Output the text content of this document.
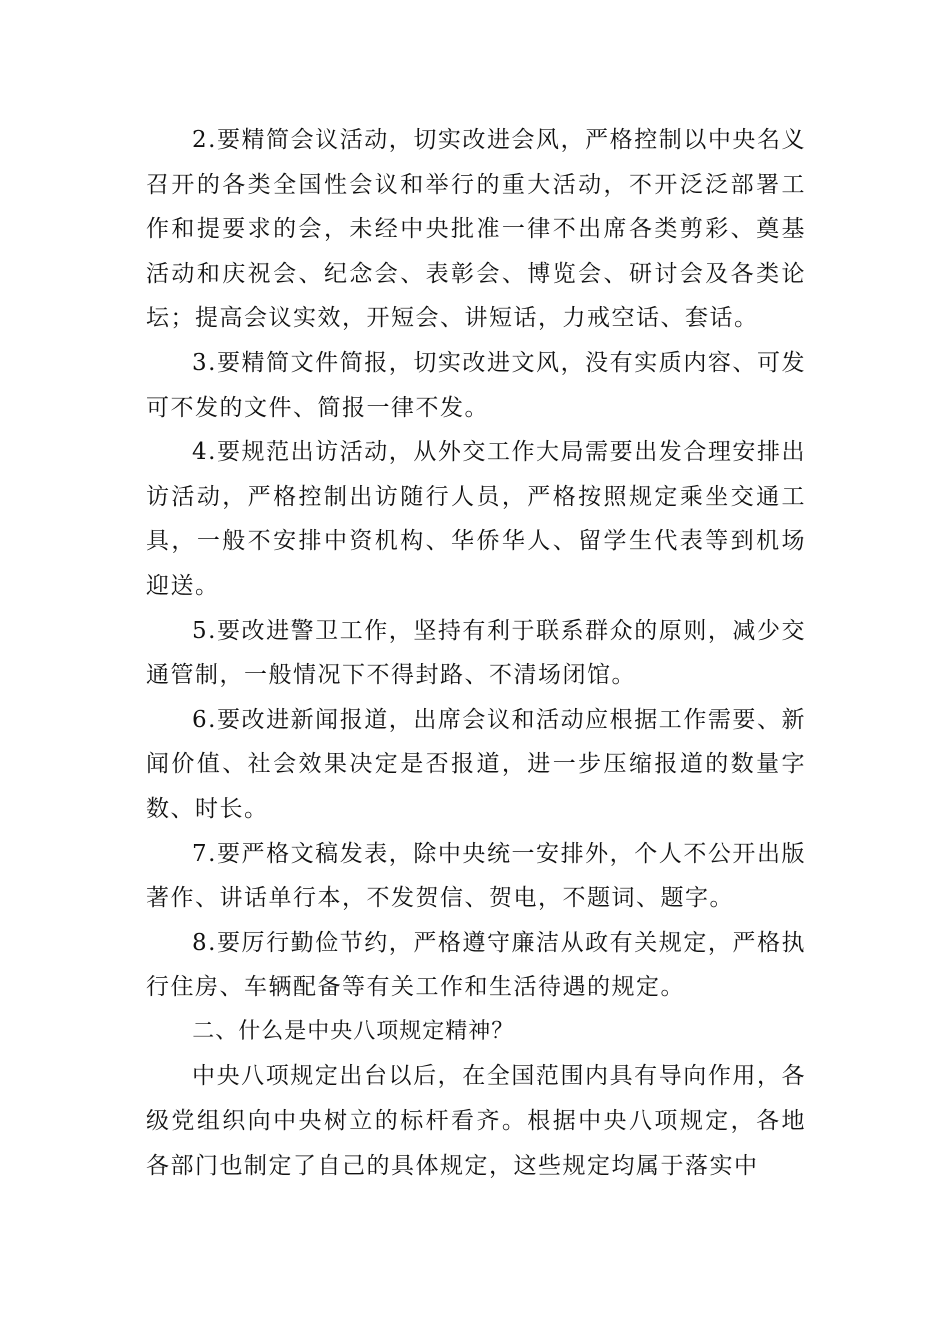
2.要精简会议活动，切实改进会风，严格控制以中央名义召开的各类全国性会议和举行的重大活动，不开泛泛部署工作和提要求的会，未经中央批准一律不出席各类剪彩、奠基活动和庆祝会、纪念会、表彰会、博览会、研讨会及各类论坛；提高会议实效，开短会、讲短话，力戒空话、套话。

3.要精简文件简报，切实改进文风，没有实质内容、可发可不发的文件、简报一律不发。

4.要规范出访活动，从外交工作大局需要出发合理安排出访活动，严格控制出访随行人员，严格按照规定乘坐交通工具，一般不安排中资机构、华侨华人、留学生代表等到机场迎送。

5.要改进警卫工作，坚持有利于联系群众的原则，减少交通管制，一般情况下不得封路、不清场闭馆。

6.要改进新闻报道，出席会议和活动应根据工作需要、新闻价值、社会效果决定是否报道，进一步压缩报道的数量字数、时长。

7.要严格文稿发表，除中央统一安排外，个人不公开出版著作、讲话单行本，不发贺信、贺电，不题词、题字。

8.要厉行勤俭节约，严格遵守廉洁从政有关规定，严格执行住房、车辆配备等有关工作和生活待遇的规定。

二、什么是中央八项规定精神？

中央八项规定出台以后，在全国范围内具有导向作用，各级党组织向中央树立的标杆看齐。根据中央八项规定，各地各部门也制定了自己的具体规定，这些规定均属于落实中
